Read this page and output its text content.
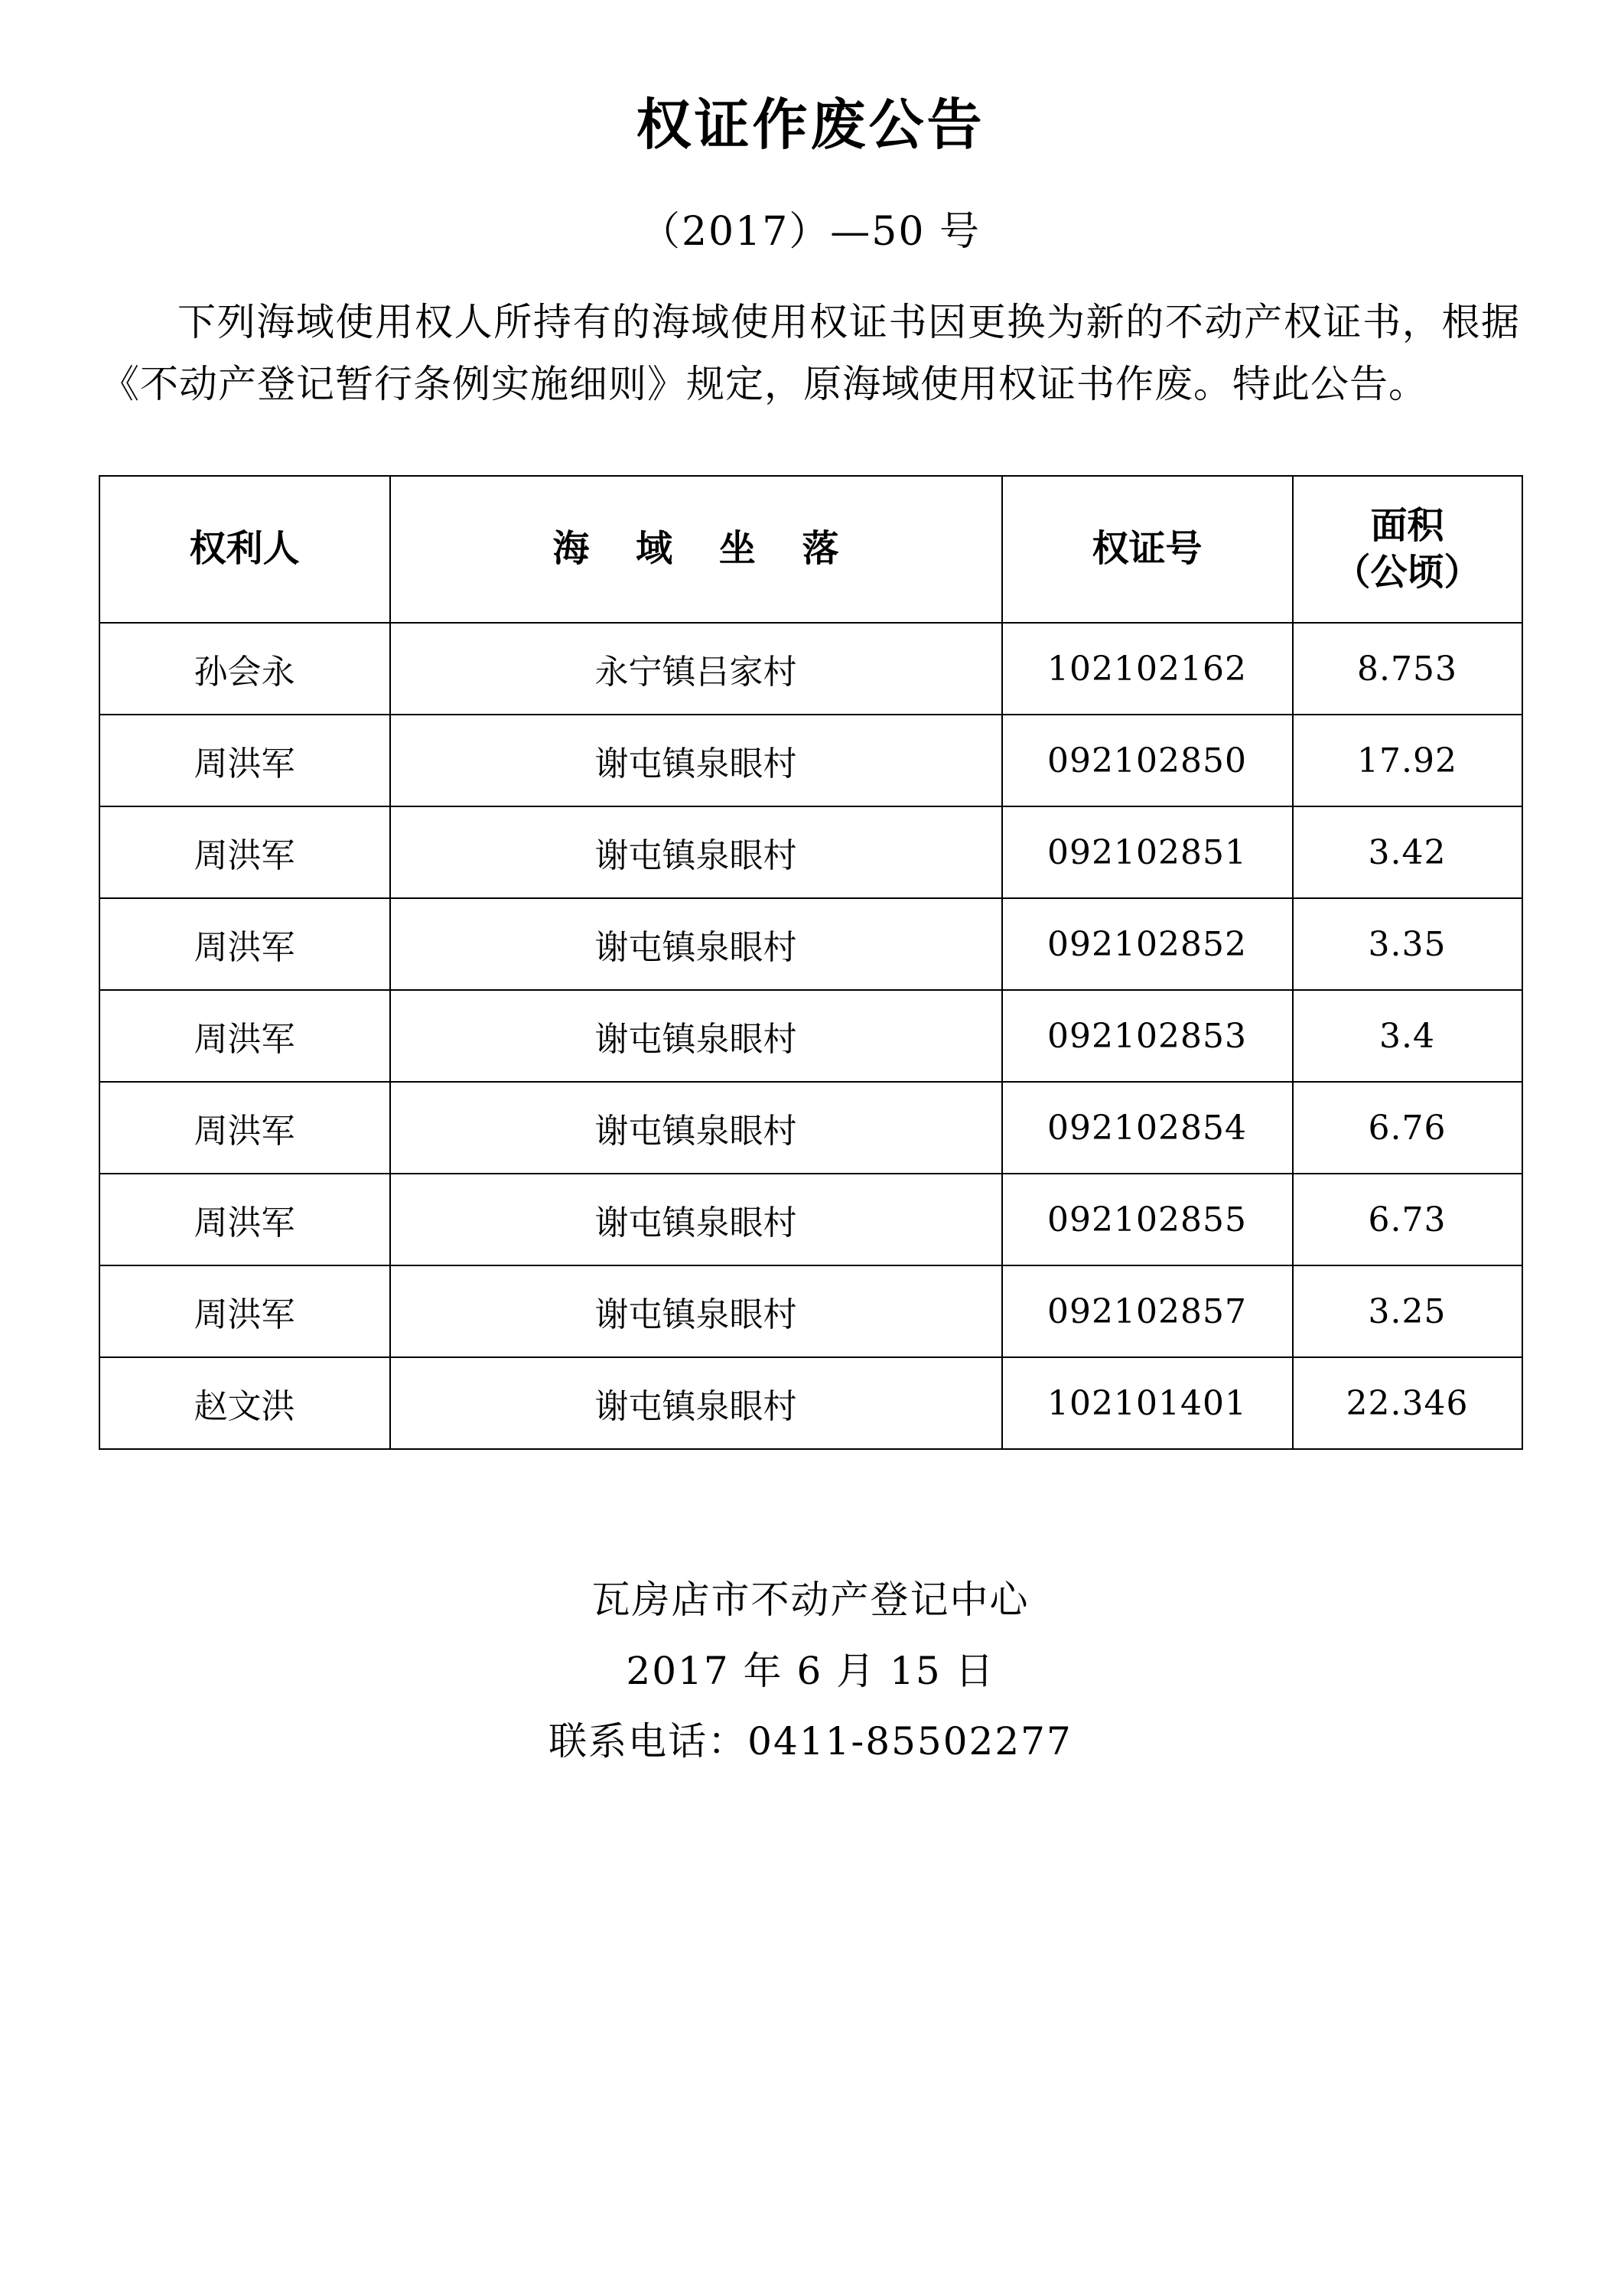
权证作废公告
（2017）—50 号

下列海域使用权人所持有的海域使用权证书因更换为新的不动产权证书，根据《不动产登记暂行条例实施细则》规定，原海域使用权证书作废。特此公告。

权利人	海 域 坐 落	权证号	面积
（公顷）

孙会永	永宁镇吕家村	102102162	8.753
周洪军	谢屯镇泉眼村	092102850	17.92
周洪军	谢屯镇泉眼村	092102851	3.42
周洪军	谢屯镇泉眼村	092102852	3.35
周洪军	谢屯镇泉眼村	092102853	3.4
周洪军	谢屯镇泉眼村	092102854	6.76
周洪军	谢屯镇泉眼村	092102855	6.73
周洪军	谢屯镇泉眼村	092102857	3.25
赵文洪	谢屯镇泉眼村	102101401	22.346
瓦房店市不动产登记中心
2017 年 6 月 15 日
联系电话：0411-85502277
